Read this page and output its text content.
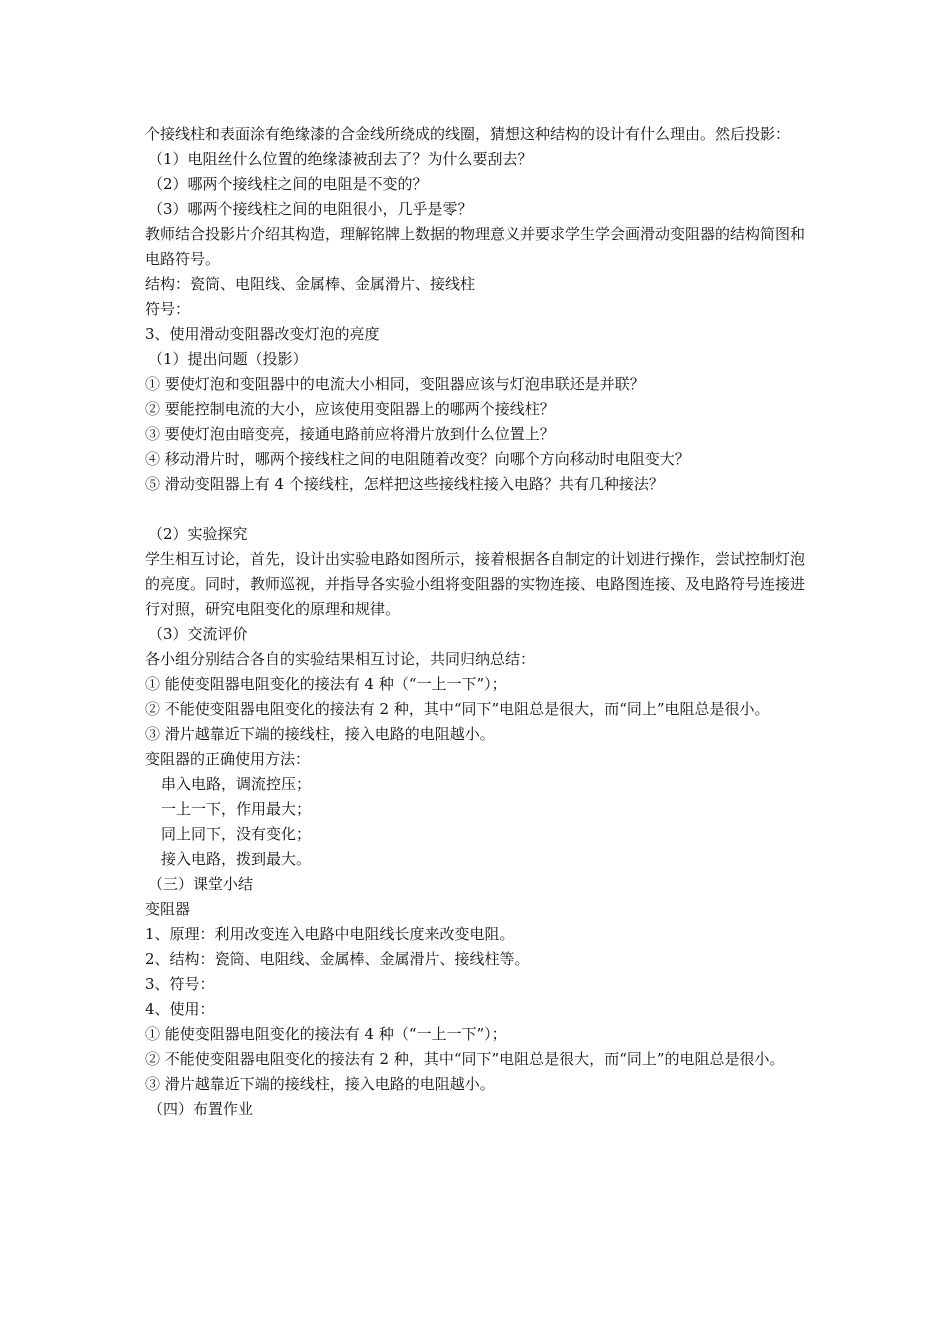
个接线柱和表面涂有绝缘漆的合金线所绕成的线圈，猜想这种结构的设计有什么理由。然后投影：

（1）电阻丝什么位置的绝缘漆被刮去了？为什么要刮去？

（2）哪两个接线柱之间的电阻是不变的？

（3）哪两个接线柱之间的电阻很小，几乎是零？

教师结合投影片介绍其构造，理解铭牌上数据的物理意义并要求学生学会画滑动变阻器的结构简图和电路符号。

结构：瓷筒、电阻线、金属棒、金属滑片、接线柱

符号：

3、使用滑动变阻器改变灯泡的亮度

（1）提出问题（投影）

① 要使灯泡和变阻器中的电流大小相同，变阻器应该与灯泡串联还是并联？

② 要能控制电流的大小，应该使用变阻器上的哪两个接线柱？

③ 要使灯泡由暗变亮，接通电路前应将滑片放到什么位置上？

④ 移动滑片时，哪两个接线柱之间的电阻随着改变？向哪个方向移动时电阻变大？

⑤ 滑动变阻器上有 4 个接线柱，怎样把这些接线柱接入电路？共有几种接法？

（2）实验探究

学生相互讨论，首先，设计出实验电路如图所示，接着根据各自制定的计划进行操作，尝试控制灯泡的亮度。同时，教师巡视，并指导各实验小组将变阻器的实物连接、电路图连接、及电路符号连接进行对照，研究电阻变化的原理和规律。

（3）交流评价

各小组分别结合各自的实验结果相互讨论，共同归纳总结：

① 能使变阻器电阻变化的接法有 4 种（“一上一下”）；

② 不能使变阻器电阻变化的接法有 2 种，其中“同下”电阻总是很大，而“同上”电阻总是很小。

③ 滑片越靠近下端的接线柱，接入电路的电阻越小。

变阻器的正确使用方法：

串入电路，调流控压；

一上一下，作用最大；

同上同下，没有变化；

接入电路，拨到最大。

（三）课堂小结

变阻器

1、原理：利用改变连入电路中电阻线长度来改变电阻。

2、结构：瓷筒、电阻线、金属棒、金属滑片、接线柱等。

3、符号：

4、使用：

① 能使变阻器电阻变化的接法有 4 种（“一上一下”）；

② 不能使变阻器电阻变化的接法有 2 种，其中“同下”电阻总是很大，而“同上”的电阻总是很小。

③ 滑片越靠近下端的接线柱，接入电路的电阻越小。

（四）布置作业
